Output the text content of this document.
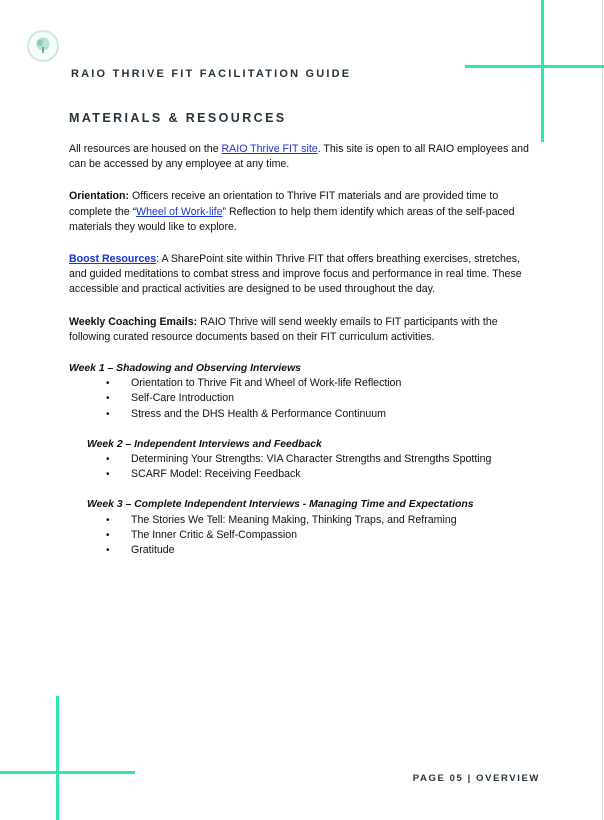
RAIO THRIVE FIT FACILITATION GUIDE
MATERIALS & RESOURCES

All resources are housed on the RAIO Thrive FIT site. This site is open to all RAIO employees and can be accessed by any employee at any time.

Orientation: Officers receive an orientation to Thrive FIT materials and are provided time to complete the “Wheel of Work-life” Reflection to help them identify which areas of the self-paced materials they would like to explore.

Boost Resources: A SharePoint site within Thrive FIT that offers breathing exercises, stretches, and guided meditations to combat stress and improve focus and performance in real time. These accessible and practical activities are designed to be used throughout the day.

Weekly Coaching Emails: RAIO Thrive will send weekly emails to FIT participants with the following curated resource documents based on their FIT curriculum activities.

Week 1 – Shadowing and Observing Interviews

• Orientation to Thrive Fit and Wheel of Work-life Reflection
• Self-Care Introduction
• Stress and the DHS Health & Performance Continuum

Week 2 – Independent Interviews and Feedback

• Determining Your Strengths: VIA Character Strengths and Strengths Spotting
• SCARF Model: Receiving Feedback

Week 3 – Complete Independent Interviews - Managing Time and Expectations

• The Stories We Tell: Meaning Making, Thinking Traps, and Reframing
• The Inner Critic & Self-Compassion
• Gratitude
PAGE 05 | OVERVIEW
